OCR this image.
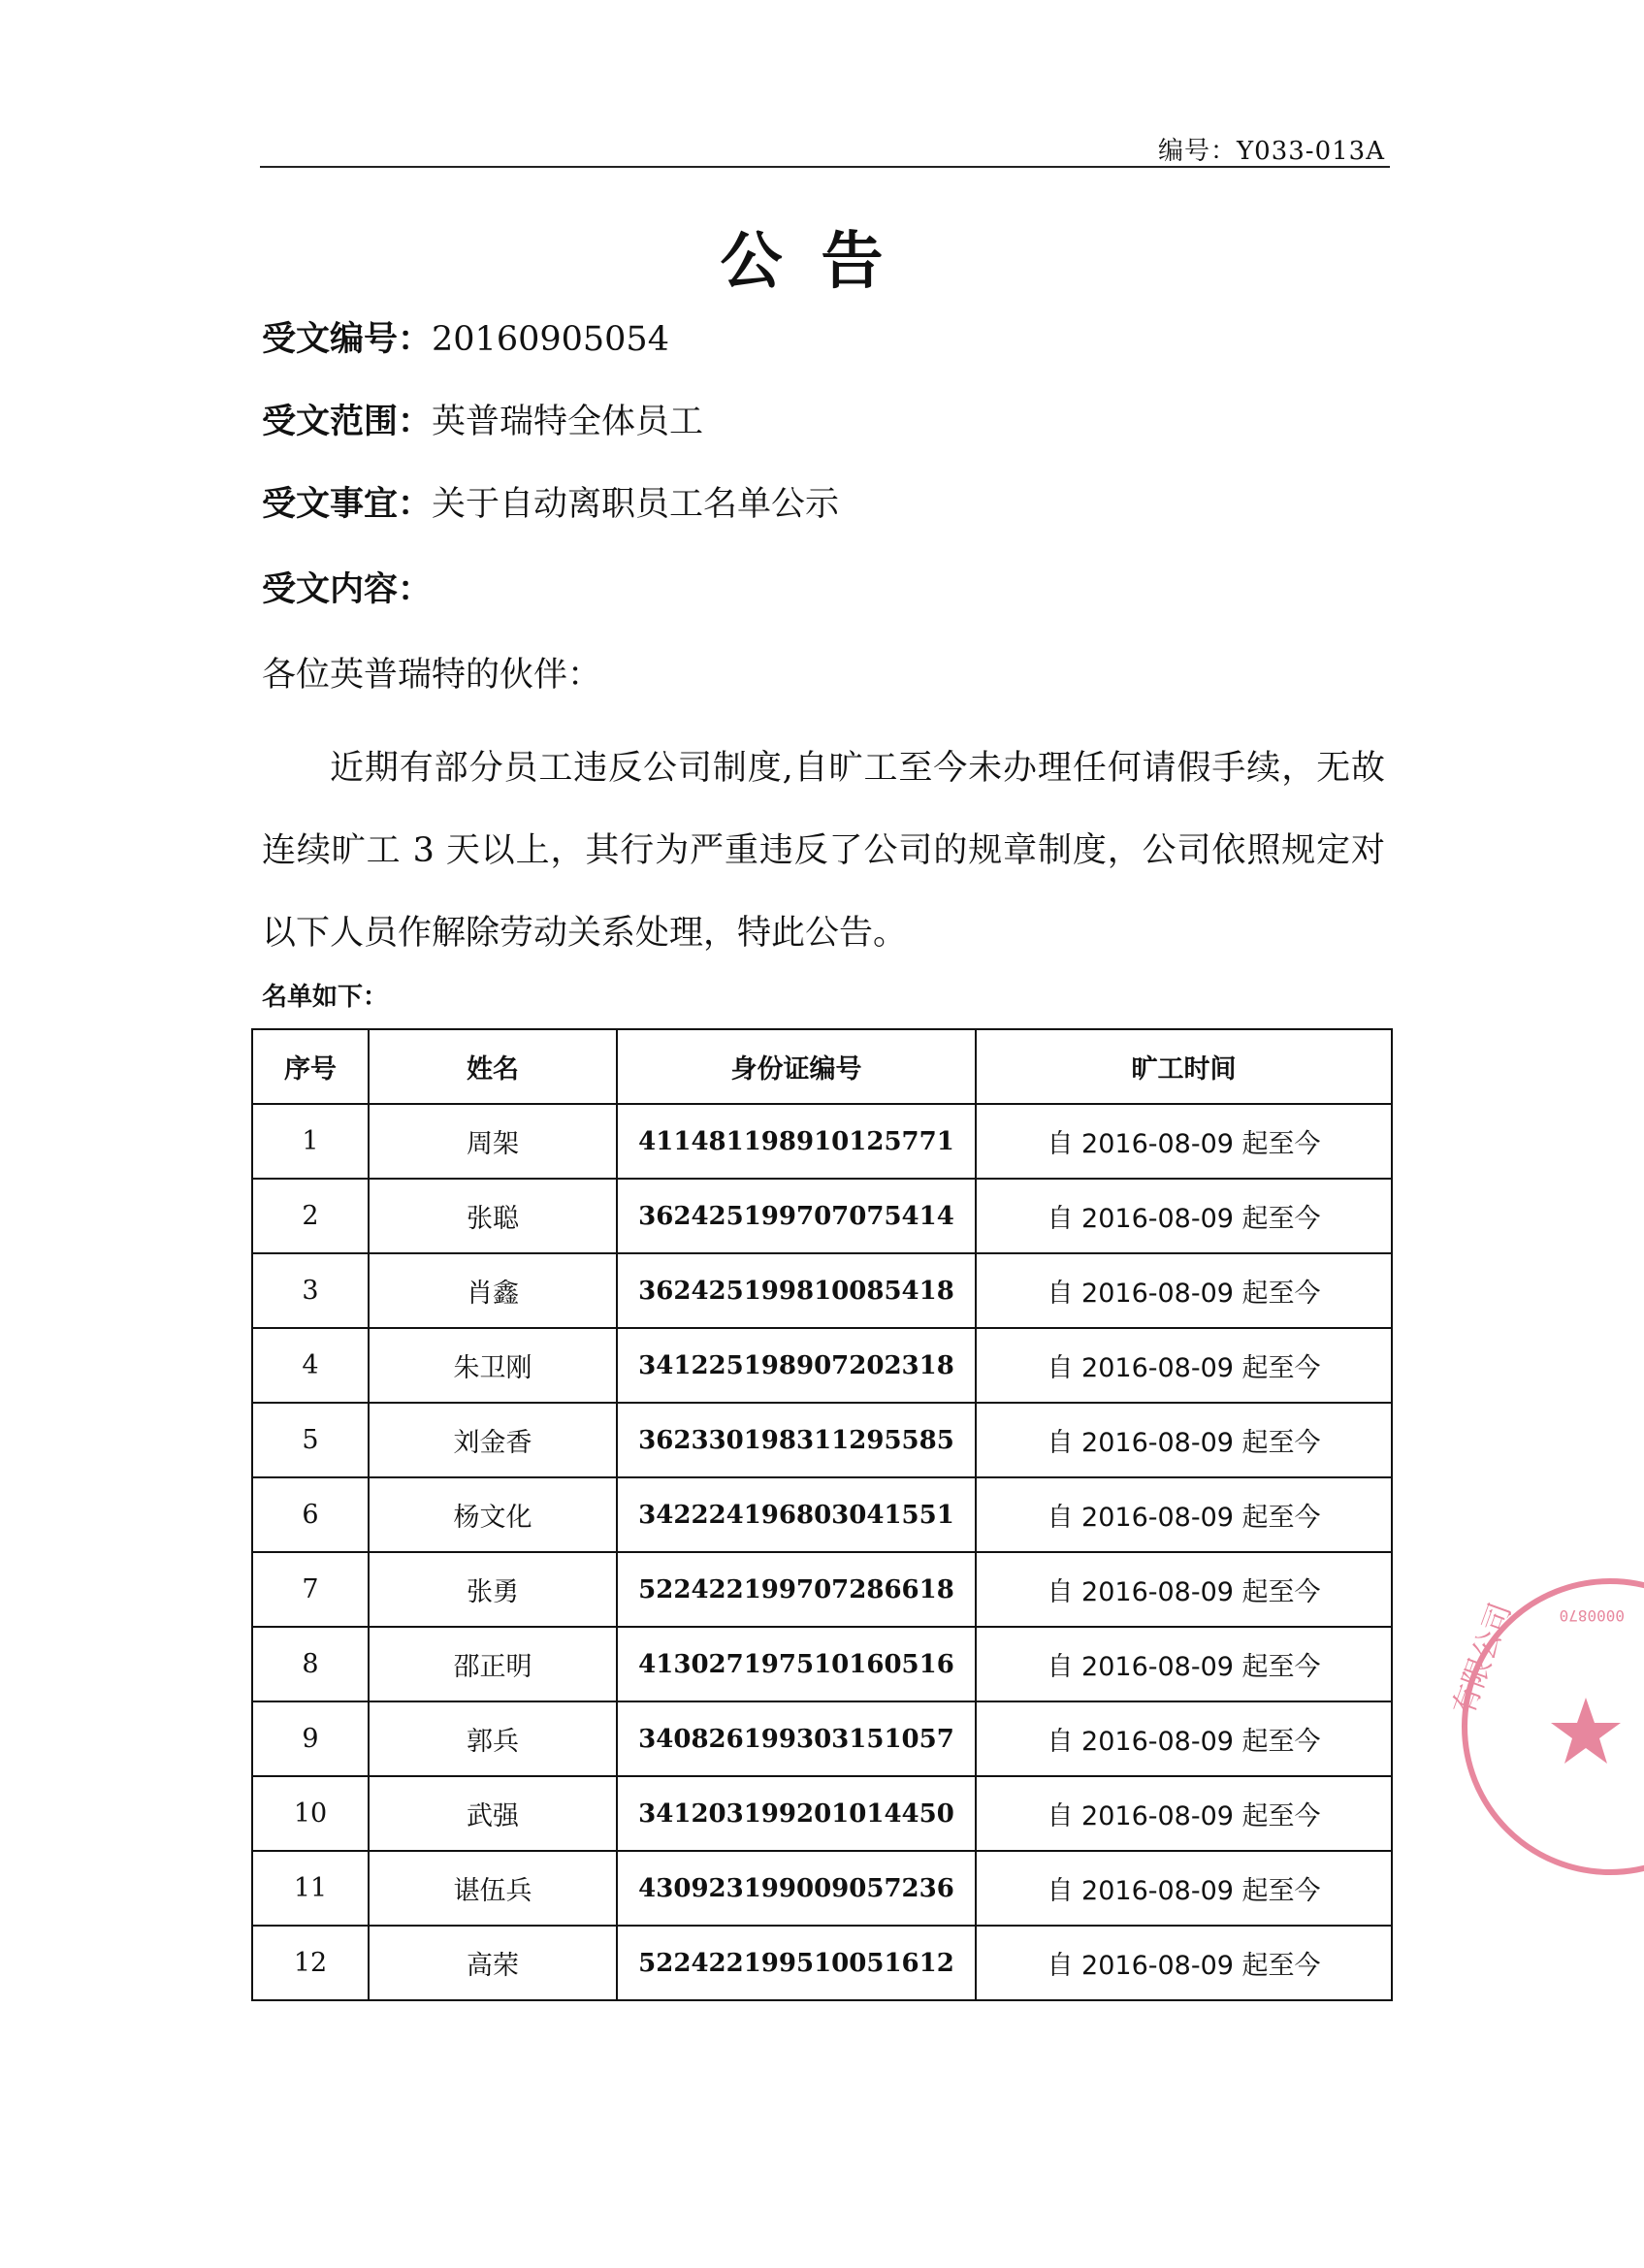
编号：Y033-013A
公告
受文编号：20160905054
受文范围：英普瑞特全体员工
受文事宜：关于自动离职员工名单公示
受文内容：
各位英普瑞特的伙伴：
近期有部分员工违反公司制度,自旷工至今未办理任何请假手续，无故连续旷工 3 天以上，其行为严重违反了公司的规章制度，公司依照规定对以下人员作解除劳动关系处理，特此公告。
名单如下：
序号	姓名	身份证编号	旷工时间
1	周架	411481198910125771	自 2016-08-09 起至今
2	张聪	362425199707075414	自 2016-08-09 起至今
3	肖鑫	362425199810085418	自 2016-08-09 起至今
4	朱卫刚	341225198907202318	自 2016-08-09 起至今
5	刘金香	362330198311295585	自 2016-08-09 起至今
6	杨文化	342224196803041551	自 2016-08-09 起至今
7	张勇	522422199707286618	自 2016-08-09 起至今
8	邵正明	413027197510160516	自 2016-08-09 起至今
9	郭兵	340826199303151057	自 2016-08-09 起至今
10	武强	341203199201014450	自 2016-08-09 起至今
11	谌伍兵	430923199009057236	自 2016-08-09 起至今
12	高荣	522422199510051612	自 2016-08-09 起至今
0000870
有限公司
